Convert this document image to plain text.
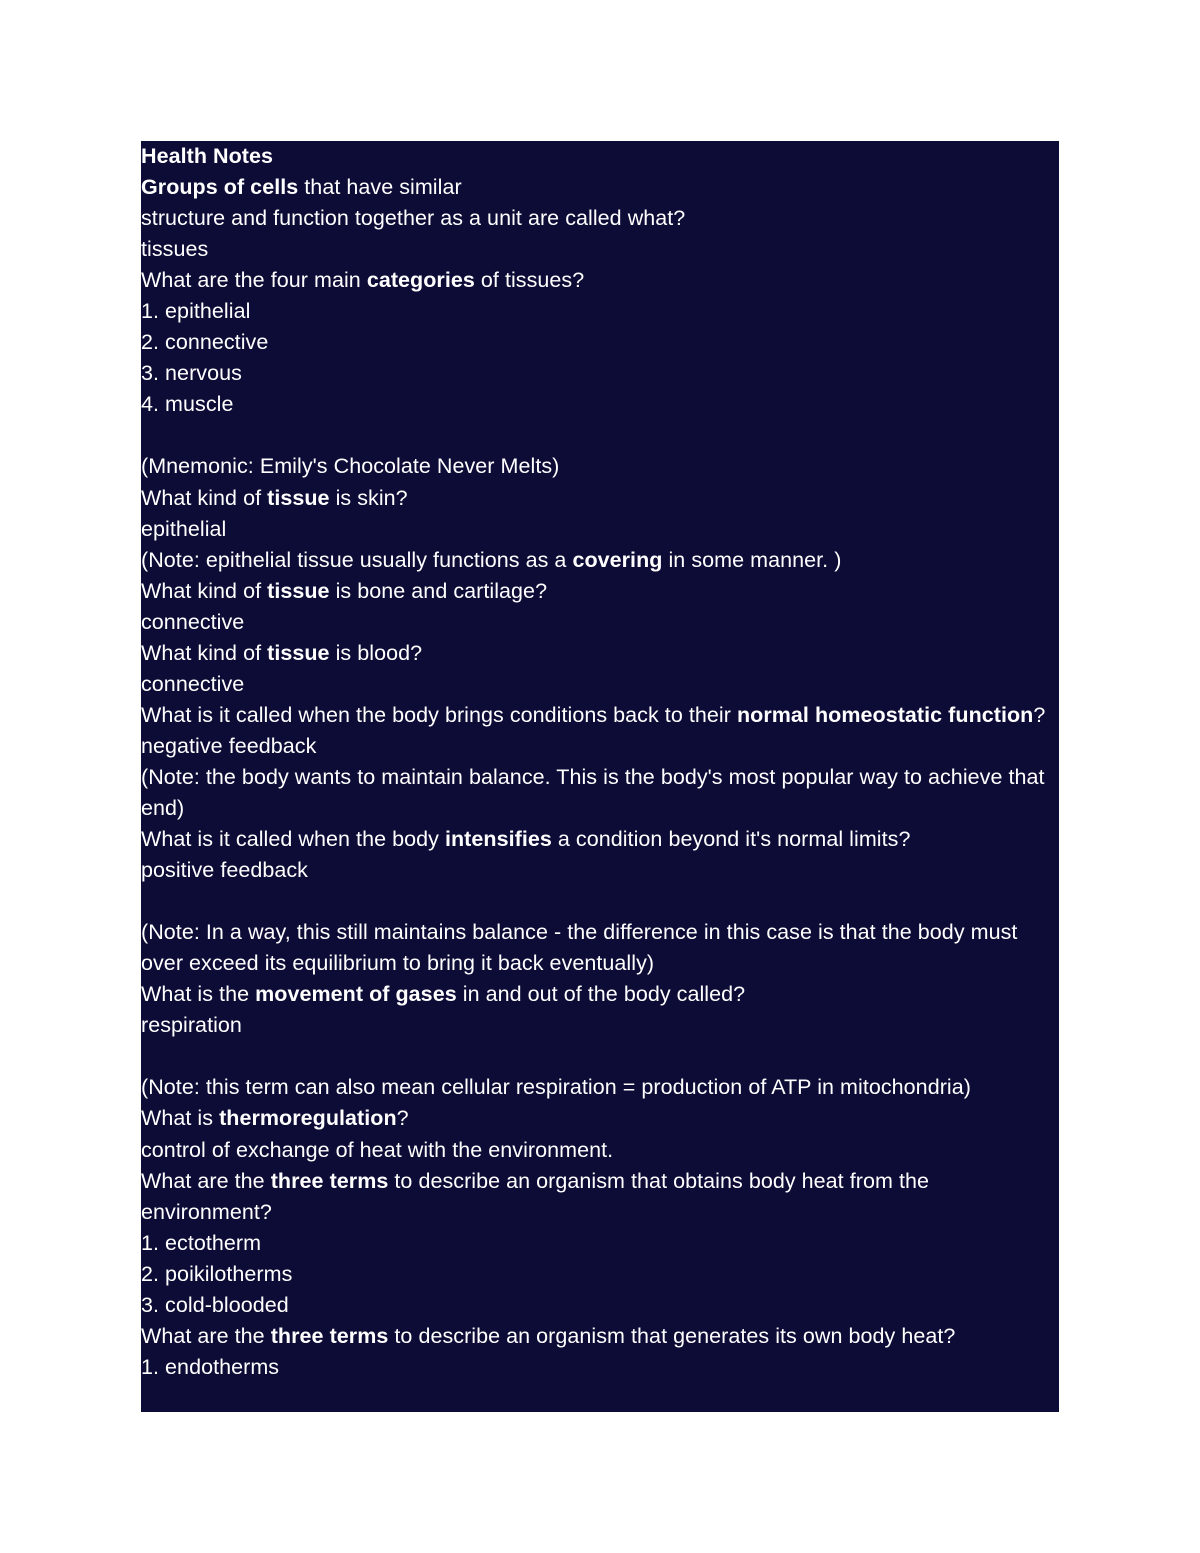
Health Notes
Groups of cells that have similar
structure and function together as a unit are called what?
tissues
What are the four main categories of tissues?
1. epithelial
2. connective
3. nervous
4. muscle
(Mnemonic: Emily's Chocolate Never Melts)
What kind of tissue is skin?
epithelial
(Note: epithelial tissue usually functions as a covering in some manner. )
What kind of tissue is bone and cartilage?
connective
What kind of tissue is blood?
connective
What is it called when the body brings conditions back to their normal homeostatic function?
negative feedback
(Note: the body wants to maintain balance. This is the body's most popular way to achieve that end)
What is it called when the body intensifies a condition beyond it's normal limits?
positive feedback
(Note: In a way, this still maintains balance - the difference in this case is that the body must over exceed its equilibrium to bring it back eventually)
What is the movement of gases in and out of the body called?
respiration
(Note: this term can also mean cellular respiration = production of ATP in mitochondria)
What is thermoregulation?
control of exchange of heat with the environment.
What are the three terms to describe an organism that obtains body heat from the environment?
1. ectotherm
2. poikilotherms
3. cold-blooded
What are the three terms to describe an organism that generates its own body heat?
1. endotherms
